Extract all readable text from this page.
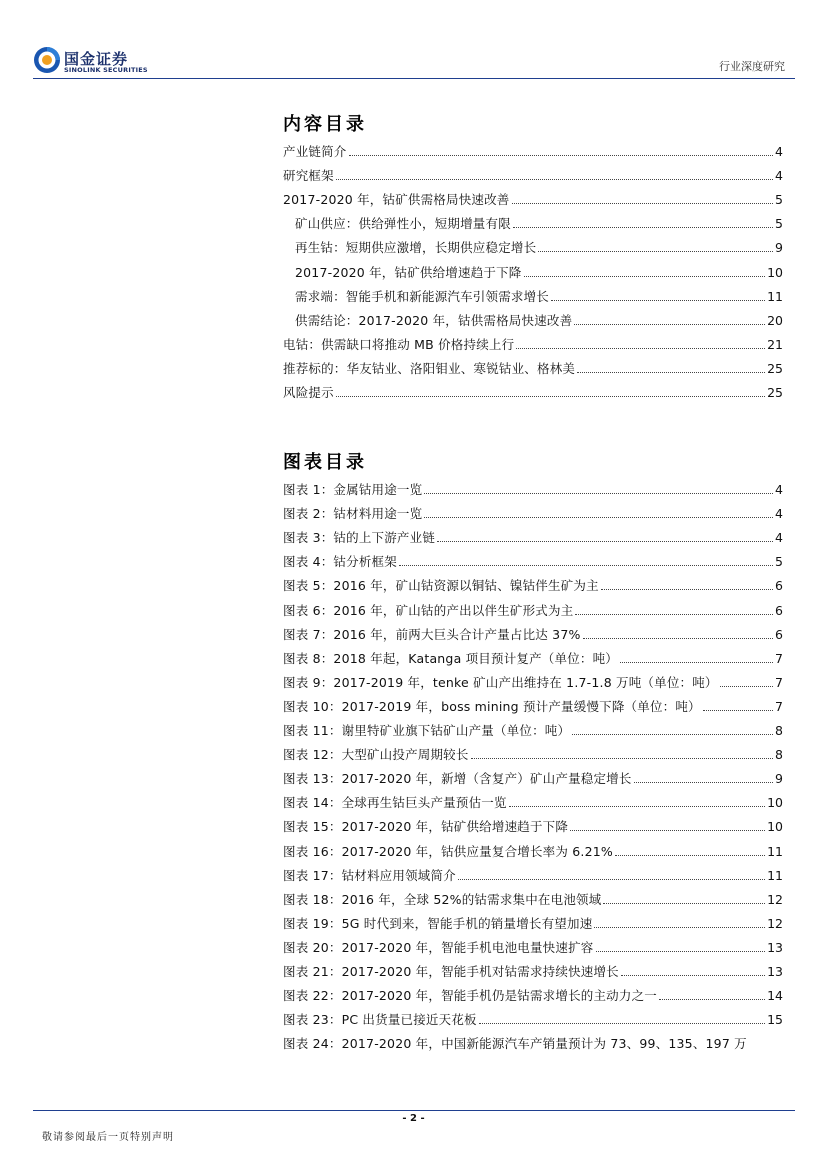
国金证券
SINOLINK SECURITIES	行业深度研究
内容目录
产业链简介	4
研究框架	4
2017-2020 年，钴矿供需格局快速改善	5
矿山供应：供给弹性小，短期增量有限	5
再生钴：短期供应激增，长期供应稳定增长	9
2017-2020 年，钴矿供给增速趋于下降	10
需求端：智能手机和新能源汽车引领需求增长	11
供需结论：2017-2020 年，钴供需格局快速改善	20
电钴：供需缺口将推动 MB 价格持续上行	21
推荐标的：华友钴业、洛阳钼业、寒锐钴业、格林美	25
风险提示	25
图表目录
图表 1：金属钴用途一览	4
图表 2：钴材料用途一览	4
图表 3：钴的上下游产业链	4
图表 4：钴分析框架	5
图表 5：2016 年，矿山钴资源以铜钴、镍钴伴生矿为主	6
图表 6：2016 年，矿山钴的产出以伴生矿形式为主	6
图表 7：2016 年，前两大巨头合计产量占比达 37%	6
图表 8：2018 年起，Katanga 项目预计复产（单位：吨）	7
图表 9：2017-2019 年，tenke 矿山产出维持在 1.7-1.8 万吨（单位：吨）	7
图表 10：2017-2019 年，boss mining 预计产量缓慢下降（单位：吨）	7
图表 11：谢里特矿业旗下钴矿山产量（单位：吨）	8
图表 12：大型矿山投产周期较长	8
图表 13：2017-2020 年，新增（含复产）矿山产量稳定增长	9
图表 14：全球再生钴巨头产量预估一览	10
图表 15：2017-2020 年，钴矿供给增速趋于下降	10
图表 16：2017-2020 年，钴供应量复合增长率为 6.21%	11
图表 17：钴材料应用领域简介	11
图表 18：2016 年，全球 52%的钴需求集中在电池领域	12
图表 19：5G 时代到来，智能手机的销量增长有望加速	12
图表 20：2017-2020 年，智能手机电池电量快速扩容	13
图表 21：2017-2020 年，智能手机对钴需求持续快速增长	13
图表 22：2017-2020 年，智能手机仍是钴需求增长的主动力之一	14
图表 23：PC 出货量已接近天花板	15
图表 24：2017-2020 年，中国新能源汽车产销量预计为 73、99、135、197 万
- 2 -
敬请参阅最后一页特别声明
